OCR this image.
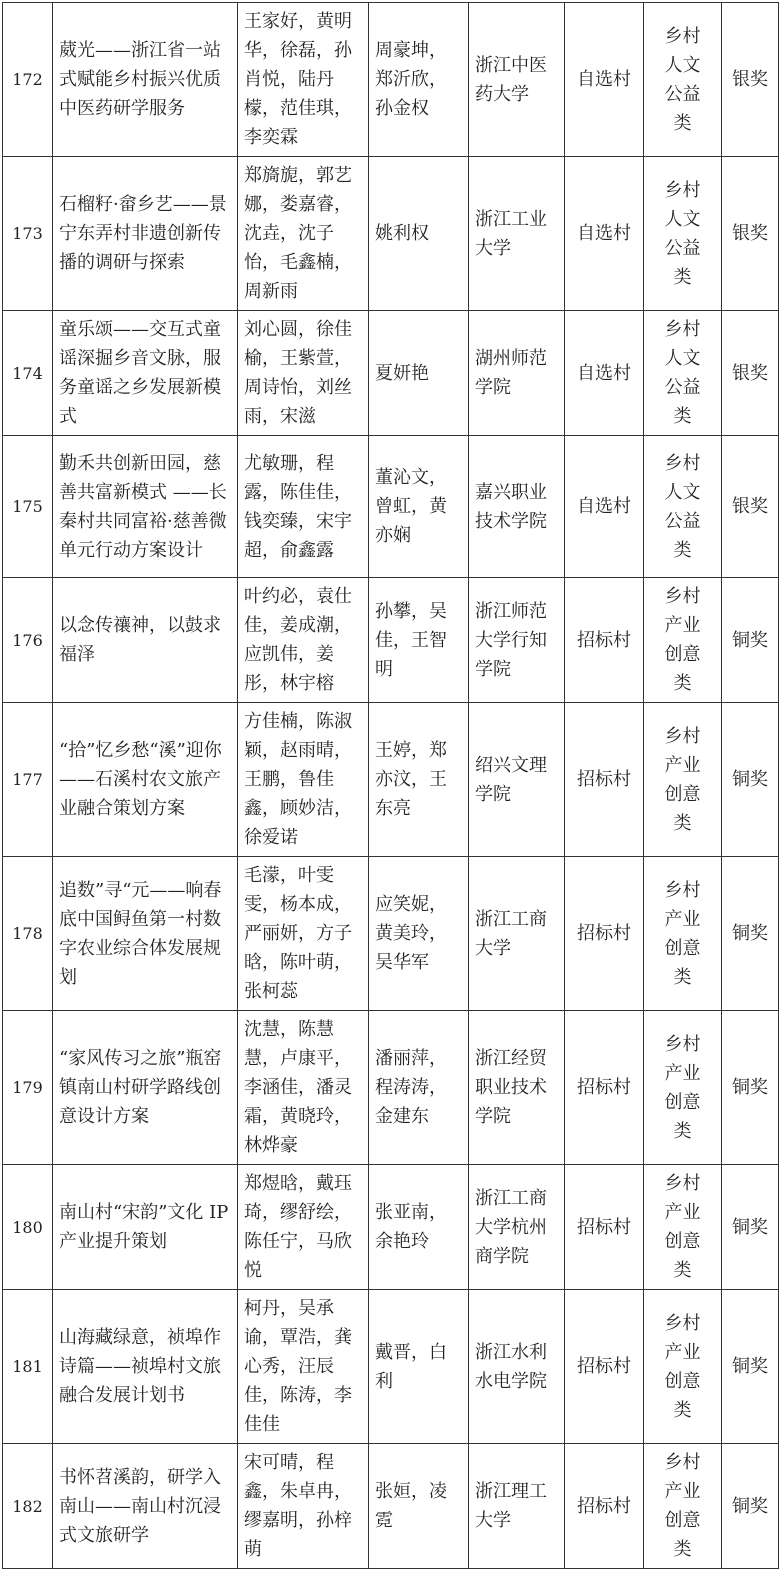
172	葳光——浙江省一站式赋能乡村振兴优质中医药研学服务	王家好，黄明华，徐磊，孙肖悦，陆丹檬，范佳琪，李奕霖	周豪坤，郑沂欣，孙金权	浙江中医药大学	自选村	乡村人文公益类	银奖
173	石榴籽·畲乡艺——景宁东弄村非遗创新传播的调研与探索	郑旖旎，郭艺娜，娄嘉睿，沈垚，沈子怡，毛鑫楠，周新雨	姚利权	浙江工业大学	自选村	乡村人文公益类	银奖
174	童乐颂——交互式童谣深掘乡音文脉，服务童谣之乡发展新模式	刘心圆，徐佳榆，王紫萱，周诗怡，刘丝雨，宋滋	夏妍艳	湖州师范学院	自选村	乡村人文公益类	银奖
175	勤禾共创新田园，慈善共富新模式 ——长秦村共同富裕·慈善微单元行动方案设计	尤敏珊，程露，陈佳佳，钱奕臻，宋宇超，俞鑫露	董沁文，曾虹，黄亦娴	嘉兴职业技术学院	自选村	乡村人文公益类	银奖
176	以念传禳神，以鼓求福泽	叶约必，袁仕佳，姜成潮，应凯伟，姜彤，林宇榕	孙攀，吴佳，王智明	浙江师范大学行知学院	招标村	乡村产业创意类	铜奖
177	“拾”忆乡愁“溪”迎你——石溪村农文旅产业融合策划方案	方佳楠，陈淑颖，赵雨晴，王鹏，鲁佳鑫，顾妙洁，徐爱诺	王婷，郑亦汶，王东亮	绍兴文理学院	招标村	乡村产业创意类	铜奖
178	追数”寻“元——响春底中国鲟鱼第一村数字农业综合体发展规划	毛濛，叶雯雯，杨本成，严丽妍，方子晗，陈叶萌，张柯蕊	应笑妮，黄美玲，吴华军	浙江工商大学	招标村	乡村产业创意类	铜奖
179	“家风传习之旅”瓶窑镇南山村研学路线创意设计方案	沈慧，陈慧慧，卢康平，李涵佳，潘灵霜，黄晓玲，林烨豪	潘丽萍，程涛涛，金建东	浙江经贸职业技术学院	招标村	乡村产业创意类	铜奖
180	南山村“宋韵”文化 IP 产业提升策划	郑煜晗，戴珏琦，缪舒绘，陈任宁，马欣悦	张亚南，余艳玲	浙江工商大学杭州商学院	招标村	乡村产业创意类	铜奖
181	山海藏绿意，祯埠作诗篇——祯埠村文旅融合发展计划书	柯丹，吴承谕，覃浩，龚心秀，汪辰佳，陈涛，李佳佳	戴晋，白利	浙江水利水电学院	招标村	乡村产业创意类	铜奖
182	书怀苕溪韵，研学入南山——南山村沉浸式文旅研学	宋可晴，程鑫，朱卓冉，缪嘉明，孙梓萌	张姮，凌霓	浙江理工大学	招标村	乡村产业创意类	铜奖
